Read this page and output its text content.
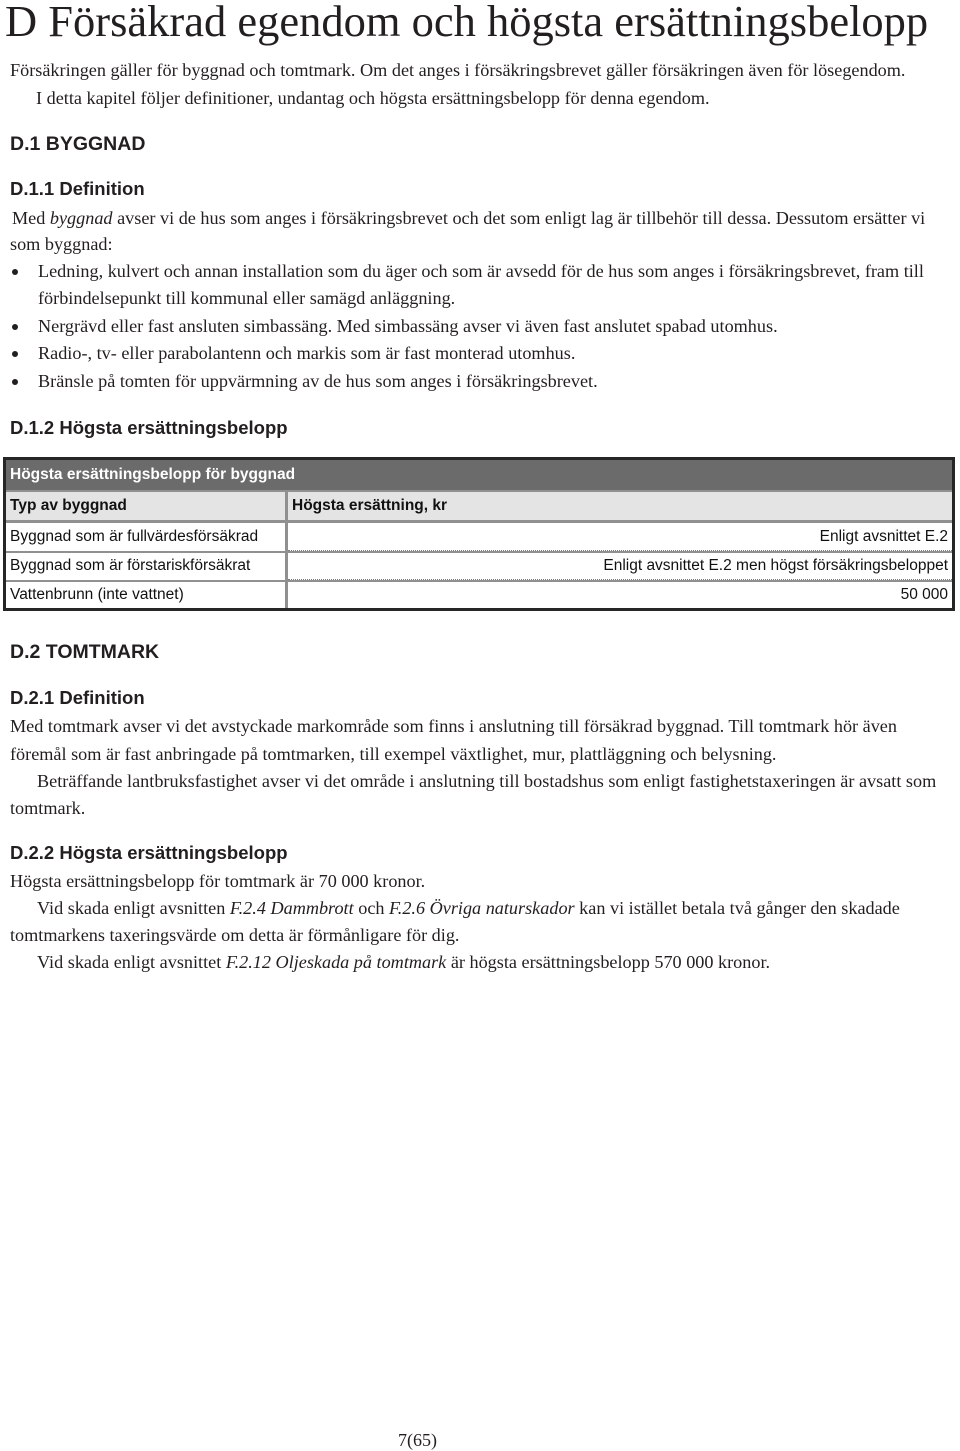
D Försäkrad egendom och högsta ersättningsbelopp
Försäkringen gäller för byggnad och tomtmark. Om det anges i försäkringsbrevet gäller försäkringen även för lösegendom.
I detta kapitel följer definitioner, undantag och högsta ersättningsbelopp för denna egendom.
D.1 BYGGNAD
D.1.1 Definition
Med byggnad avser vi de hus som anges i försäkringsbrevet och det som enligt lag är tillbehör till dessa. Dessutom ersätter vi
som byggnad:
Ledning, kulvert och annan installation som du äger och som är avsedd för de hus som anges i försäkringsbrevet, fram till
förbindelsepunkt till kommunal eller samägd anläggning.
Nergrävd eller fast ansluten simbassäng. Med simbassäng avser vi även fast anslutet spabad utomhus.
Radio-, tv- eller parabolantenn och markis som är fast monterad utomhus.
Bränsle på tomten för uppvärmning av de hus som anges i försäkringsbrevet.
D.1.2 Högsta ersättningsbelopp
Högsta ersättningsbelopp för byggnad
Typ av byggnad	Högsta ersättning, kr
Byggnad som är fullvärdesförsäkrad	Enligt avsnittet E.2
Byggnad som är förstariskförsäkrat	Enligt avsnittet E.2 men högst försäkringsbeloppet
Vattenbrunn (inte vattnet)	50 000
D.2 TOMTMARK
D.2.1 Definition
Med tomtmark avser vi det avstyckade markområde som finns i anslutning till försäkrad byggnad. Till tomtmark hör även
föremål som är fast anbringade på tomtmarken, till exempel växtlighet, mur, plattläggning och belysning.
Beträffande lantbruksfastighet avser vi det område i anslutning till bostadshus som enligt fastighetstaxeringen är avsatt som
tomtmark.
D.2.2 Högsta ersättningsbelopp
Högsta ersättningsbelopp för tomtmark är 70 000 kronor.
Vid skada enligt avsnitten F.2.4 Dammbrott och F.2.6 Övriga naturskador kan vi istället betala två gånger den skadade
tomtmarkens taxeringsvärde om detta är förmånligare för dig.
Vid skada enligt avsnittet F.2.12 Oljeskada på tomtmark är högsta ersättningsbelopp 570 000 kronor.
7(65)
